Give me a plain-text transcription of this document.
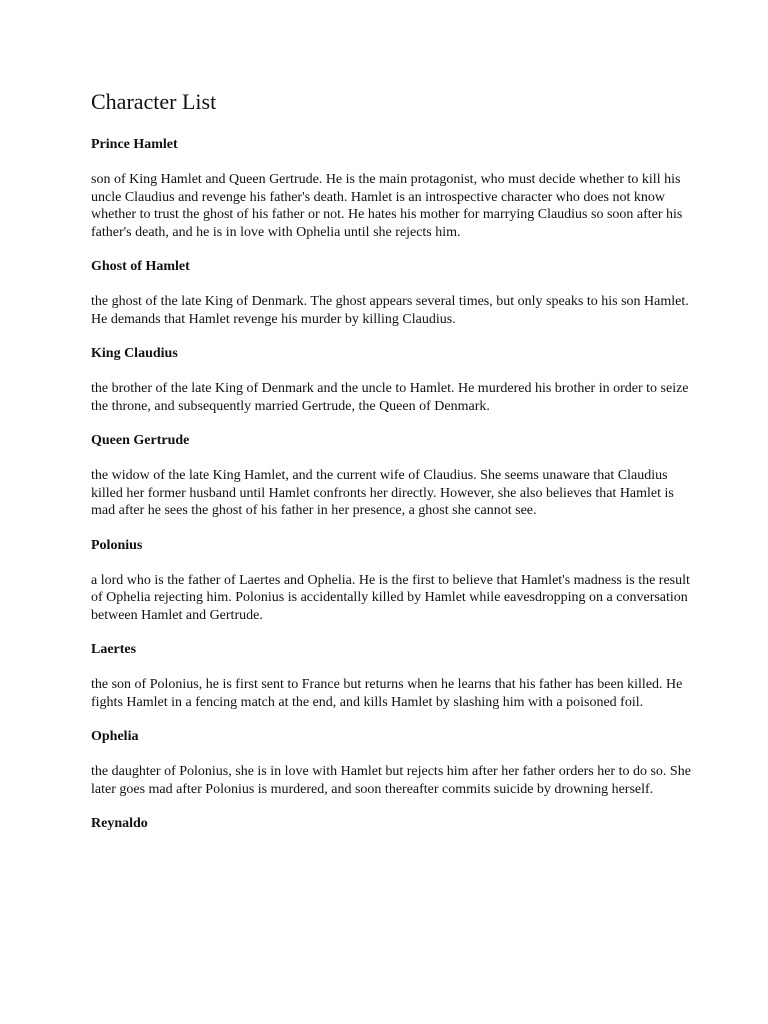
Character List

Prince Hamlet

son of King Hamlet and Queen Gertrude. He is the main protagonist, who must decide whether to kill his uncle Claudius and revenge his father's death. Hamlet is an introspective character who does not know whether to trust the ghost of his father or not. He hates his mother for marrying Claudius so soon after his father's death, and he is in love with Ophelia until she rejects him.

Ghost of Hamlet

the ghost of the late King of Denmark. The ghost appears several times, but only speaks to his son Hamlet. He demands that Hamlet revenge his murder by killing Claudius.

King Claudius

the brother of the late King of Denmark and the uncle to Hamlet. He murdered his brother in order to seize the throne, and subsequently married Gertrude, the Queen of Denmark.

Queen Gertrude

the widow of the late King Hamlet, and the current wife of Claudius. She seems unaware that Claudius killed her former husband until Hamlet confronts her directly. However, she also believes that Hamlet is mad after he sees the ghost of his father in her presence, a ghost she cannot see.

Polonius

a lord who is the father of Laertes and Ophelia. He is the first to believe that Hamlet's madness is the result of Ophelia rejecting him. Polonius is accidentally killed by Hamlet while eavesdropping on a conversation between Hamlet and Gertrude.

Laertes

the son of Polonius, he is first sent to France but returns when he learns that his father has been killed. He fights Hamlet in a fencing match at the end, and kills Hamlet by slashing him with a poisoned foil.

Ophelia

the daughter of Polonius, she is in love with Hamlet but rejects him after her father orders her to do so. She later goes mad after Polonius is murdered, and soon thereafter commits suicide by drowning herself.

Reynaldo
